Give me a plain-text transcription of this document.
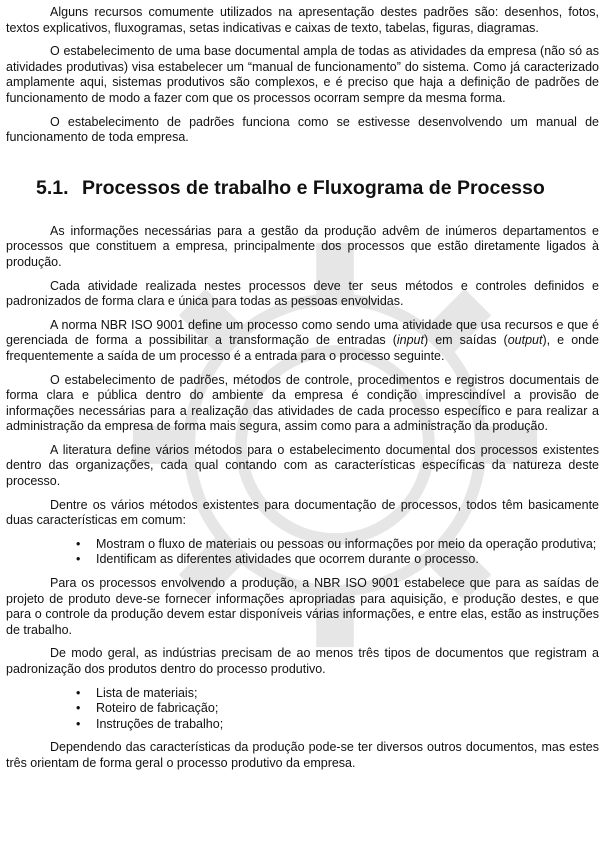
Alguns recursos comumente utilizados na apresentação destes padrões são: desenhos, fotos, textos explicativos, fluxogramas, setas indicativas e caixas de texto, tabelas, figuras, diagramas.

O estabelecimento de uma base documental ampla de todas as atividades da empresa (não só as atividades produtivas) visa estabelecer um “manual de funcionamento” do sistema. Como já caracterizado amplamente aqui, sistemas produtivos são complexos, e é preciso que haja a definição de padrões de funcionamento de modo a fazer com que os processos ocorram sempre da mesma forma.

O estabelecimento de padrões funciona como se estivesse desenvolvendo um manual de funcionamento de toda empresa.

5.1. Processos de trabalho e Fluxograma de Processo

As informações necessárias para a gestão da produção advêm de inúmeros departamentos e processos que constituem a empresa, principalmente dos processos que estão diretamente ligados à produção.

Cada atividade realizada nestes processos deve ter seus métodos e controles definidos e padronizados de forma clara e única para todas as pessoas envolvidas.

A norma NBR ISO 9001 define um processo como sendo uma atividade que usa recursos e que é gerenciada de forma a possibilitar a transformação de entradas (input) em saídas (output), e onde frequentemente a saída de um processo é a entrada para o processo seguinte.

O estabelecimento de padrões, métodos de controle, procedimentos e registros documentais de forma clara e pública dentro do ambiente da empresa é condição imprescindível a provisão de informações necessárias para a realização das atividades de cada processo específico e para realizar a administração da empresa de forma mais segura, assim como para a administração da produção.

A literatura define vários métodos para o estabelecimento documental dos processos existentes dentro das organizações, cada qual contando com as características específicas da natureza deste processo.

Dentre os vários métodos existentes para documentação de processos, todos têm basicamente duas características em comum:

• Mostram o fluxo de materiais ou pessoas ou informações por meio da operação produtiva;
• Identificam as diferentes atividades que ocorrem durante o processo.

Para os processos envolvendo a produção, a NBR ISO 9001 estabelece que para as saídas de projeto de produto deve-se fornecer informações apropriadas para aquisição, e produção destes, e que para o controle da produção devem estar disponíveis várias informações, e entre elas, estão as instruções de trabalho.

De modo geral, as indústrias precisam de ao menos três tipos de documentos que registram a padronização dos produtos dentro do processo produtivo.

• Lista de materiais;
• Roteiro de fabricação;
• Instruções de trabalho;

Dependendo das características da produção pode-se ter diversos outros documentos, mas estes três orientam de forma geral o processo produtivo da empresa.
